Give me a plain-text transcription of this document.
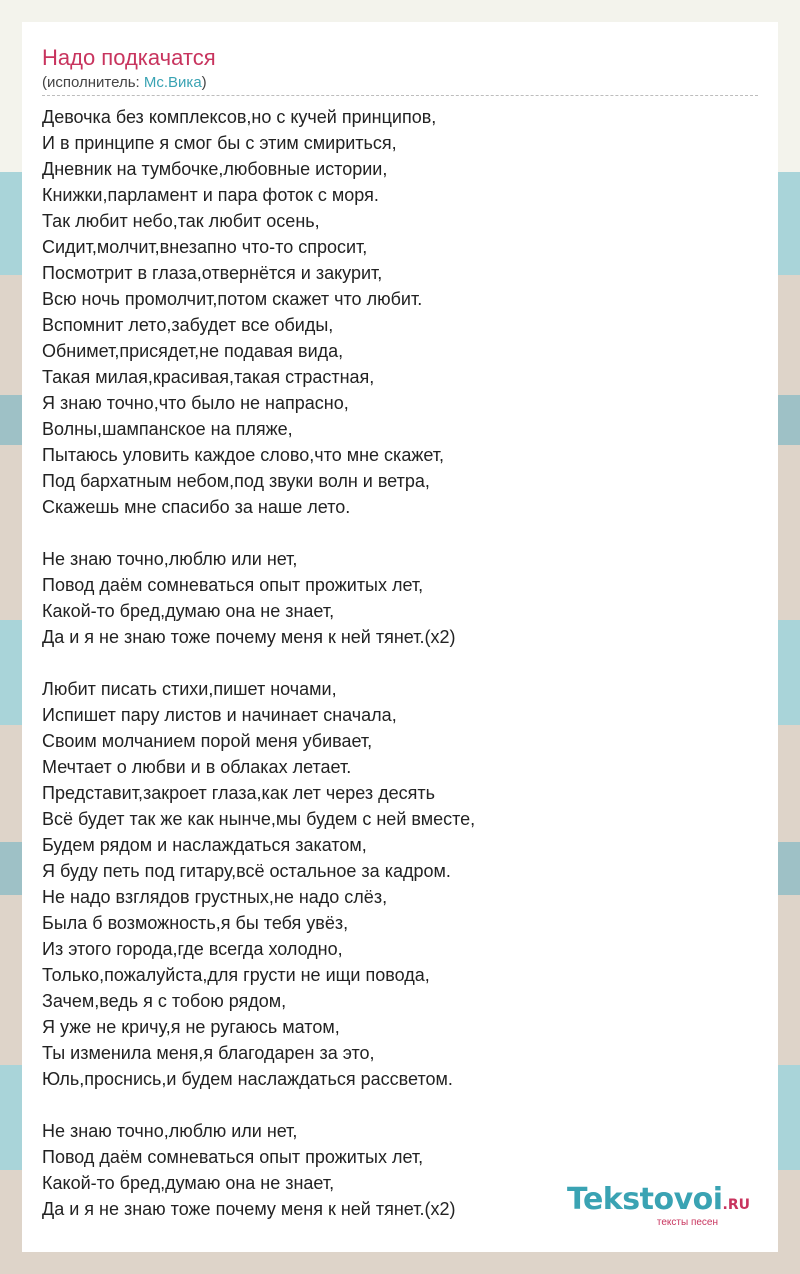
Надо подкачатся
(исполнитель: Mc.Вика)
Девочка без комплексов,но с кучей принципов,
И в принципе я смог бы с этим смириться,
Дневник на тумбочке,любовные истории,
Книжки,парламент и пара фоток с моря.
Так любит небо,так любит осень,
Сидит,молчит,внезапно что-то спросит,
Посмотрит в глаза,отвернётся и закурит,
Всю ночь промолчит,потом скажет что любит.
Вспомнит лето,забудет все обиды,
Обнимет,присядет,не подавая вида,
Такая милая,красивая,такая страстная,
Я знаю точно,что было не напрасно,
Волны,шампанское на пляже,
Пытаюсь уловить каждое слово,что мне скажет,
Под бархатным небом,под звуки волн и ветра,
Скажешь мне спасибо за наше лето.
Не знаю точно,люблю или нет,
Повод даём сомневаться опыт прожитых лет,
Какой-то бред,думаю она не знает,
Да и я не знаю тоже почему меня к ней тянет.(x2)
Любит писать стихи,пишет ночами,
Испишет пару листов и начинает сначала,
Своим молчанием порой меня убивает,
Мечтает о любви и в облаках летает.
Представит,закроет глаза,как лет через десять
Всё будет так же как нынче,мы будем с ней вместе,
Будем рядом и наслаждаться закатом,
Я буду петь под гитару,всё остальное за кадром.
Не надо взглядов грустных,не надо слёз,
Была б возможность,я бы тебя увёз,
Из этого города,где всегда холодно,
Только,пожалуйста,для грусти не ищи повода,
Зачем,ведь я с тобою рядом,
Я уже не кричу,я не ругаюсь матом,
Ты изменила меня,я благодарен за это,
Юль,проснись,и будем наслаждаться рассветом.
Не знаю точно,люблю или нет,
Повод даём сомневаться опыт прожитых лет,
Какой-то бред,думаю она не знает,
Да и я не знаю тоже почему меня к ней тянет.(x2)	Tekstovoi.RU
тексты песен
